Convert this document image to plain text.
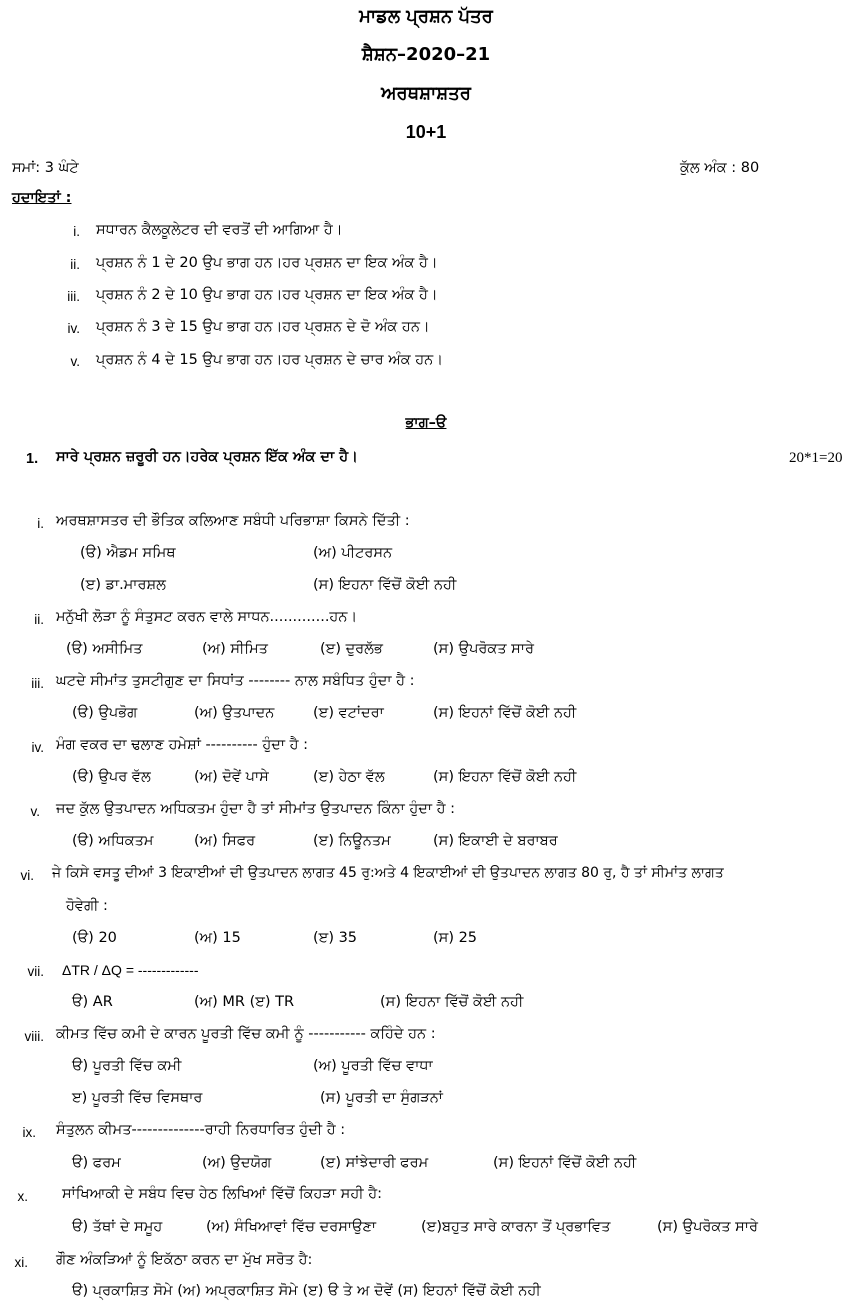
ਮਾਡਲ ਪ੍ਰਸ਼ਨ ਪੱਤਰ
ਸ਼ੈਸ਼ਨ–2020–21
ਅਰਥਸ਼ਾਸ਼ਤਰ
10+1
ਸਮਾਂ: 3 ਘੰਟੇ	ਕੁੱਲ ਅੰਕ : 80
ਹਦਾਇਤਾਂ :
i. ਸਧਾਰਨ ਕੈਲਕੂਲੇਟਰ ਦੀ ਵਰਤੋਂ ਦੀ ਆਗਿਆ ਹੈ।
ii. ਪ੍ਰਸ਼ਨ ਨੰ 1 ਦੇ 20 ਉਪ ਭਾਗ ਹਨ।ਹਰ ਪ੍ਰਸ਼ਨ ਦਾ ਇਕ ਅੰਕ ਹੈ।
iii. ਪ੍ਰਸ਼ਨ ਨੰ 2 ਦੇ 10 ਉਪ ਭਾਗ ਹਨ।ਹਰ ਪ੍ਰਸ਼ਨ ਦਾ ਇਕ ਅੰਕ ਹੈ।
iv. ਪ੍ਰਸ਼ਨ ਨੰ 3 ਦੇ 15 ਉਪ ਭਾਗ ਹਨ।ਹਰ ਪ੍ਰਸ਼ਨ ਦੇ ਦੋ ਅੰਕ ਹਨ।
v. ਪ੍ਰਸ਼ਨ ਨੰ 4 ਦੇ 15 ਉਪ ਭਾਗ ਹਨ।ਹਰ ਪ੍ਰਸ਼ਨ ਦੇ ਚਾਰ ਅੰਕ ਹਨ।
ਭਾਗ–ੳ
1. ਸਾਰੇ ਪ੍ਰਸ਼ਨ ਜ਼ਰੂਰੀ ਹਨ।ਹਰੇਕ ਪ੍ਰਸ਼ਨ ਇੱਕ ਅੰਕ ਦਾ ਹੈ।	20*1=20
i. ਅਰਥਸ਼ਾਸਤਰ ਦੀ ਭੌਤਿਕ ਕਲਿਆਣ ਸਬੰਧੀ ਪਰਿਭਾਸ਼ਾ ਕਿਸਨੇ ਦਿੱਤੀ :
(ੳ) ਐਡਮ ਸਮਿਥ	(ਅ) ਪੀਟਰਸਨ
(ੲ) ਡਾ.ਮਾਰਸ਼ਲ	(ਸ) ਇਹਨਾ ਵਿੱਚੋਂ ਕੋਈ ਨਹੀ
ii. ਮਨੁੱਖੀ ਲੋੜਾ ਨੂੰ ਸੰਤੁਸਟ ਕਰਨ ਵਾਲੇ ਸਾਧਨ.............ਹਨ।
(ੳ) ਅਸੀਮਿਤ	(ਅ) ਸੀਮਿਤ	(ੲ) ਦੁਰਲੱਭ	(ਸ) ਉਪਰੋਕਤ ਸਾਰੇ
iii. ਘਟਦੇ ਸੀਮਾਂਤ ਤੁਸਟੀਗੁਣ ਦਾ ਸਿਧਾਂਤ -------- ਨਾਲ ਸਬੰਧਿਤ ਹੁੰਦਾ ਹੈ :
(ੳ) ਉਪਭੋਗ	(ਅ) ਉਤਪਾਦਨ	(ੲ) ਵਟਾਂਦਰਾ	(ਸ) ਇਹਨਾਂ ਵਿੱਚੋਂ ਕੋਈ ਨਹੀ
iv. ਮੰਗ ਵਕਰ ਦਾ ਢਲਾਣ ਹਮੇਸ਼ਾਂ ---------- ਹੁੰਦਾ ਹੈ :
(ੳ) ਉਪਰ ਵੱਲ	(ਅ) ਦੋਵੇਂ ਪਾਸੇ	(ੲ) ਹੇਠਾ ਵੱਲ	(ਸ) ਇਹਨਾ ਵਿੱਚੋਂ ਕੋਈ ਨਹੀ
v. ਜਦ ਕੁੱਲ ਉਤਪਾਦਨ ਅਧਿਕਤਮ ਹੁੰਦਾ ਹੈ ਤਾਂ ਸੀਮਾਂਤ ਉਤਪਾਦਨ ਕਿੰਨਾ ਹੁੰਦਾ ਹੈ :
(ੳ) ਅਧਿਕਤਮ	(ਅ) ਸਿਫਰ	(ੲ) ਨਿਊਨਤਮ	(ਸ) ਇਕਾਈ ਦੇ ਬਰਾਬਰ
vi. ਜੇ ਕਿਸੇ ਵਸਤੂ ਦੀਆਂ 3 ਇਕਾਈਆਂ ਦੀ ਉਤਪਾਦਨ ਲਾਗਤ 45 ਰੁ:ਅਤੇ 4 ਇਕਾਈਆਂ ਦੀ ਉਤਪਾਦਨ ਲਾਗਤ 80 ਰੁ, ਹੈ ਤਾਂ ਸੀਮਾਂਤ ਲਾਗਤ
ਹੋਵੇਗੀ :
(ੳ) 20	(ਅ) 15	(ੲ) 35	(ਸ) 25
vii. ΔTR / ΔQ = -------------
ੳ) AR	(ਅ) MR (ੲ) TR	(ਸ) ਇਹਨਾ ਵਿੱਚੋਂ ਕੋਈ ਨਹੀ
viii. ਕੀਮਤ ਵਿੱਚ ਕਮੀ ਦੇ ਕਾਰਨ ਪੂਰਤੀ ਵਿੱਚ ਕਮੀ ਨੂੰ ----------- ਕਹਿੰਦੇ ਹਨ :
ੳ) ਪੂਰਤੀ ਵਿੱਚ ਕਮੀ	(ਅ) ਪੂਰਤੀ ਵਿੱਚ ਵਾਧਾ
ੲ) ਪੂਰਤੀ ਵਿੱਚ ਵਿਸਥਾਰ	(ਸ) ਪੂਰਤੀ ਦਾ ਸੁੰਗੜਨਾਂ
ix. ਸੰਤੁਲਨ ਕੀਮਤ--------------ਰਾਹੀ ਨਿਰਧਾਰਿਤ ਹੁੰਦੀ ਹੈ :
ੳ) ਫਰਮ	(ਅ) ਉਦਯੋਗ	(ੲ) ਸਾਂਝੇਦਾਰੀ ਫਰਮ	(ਸ) ਇਹਨਾਂ ਵਿੱਚੋਂ ਕੋਈ ਨਹੀ
x. ਸਾਂਖਿਆਕੀ ਦੇ ਸਬੰਧ ਵਿਚ ਹੇਠ ਲਿਖਿਆਂ ਵਿੱਚੋਂ ਕਿਹੜਾ ਸਹੀ ਹੈ:
ੳ) ਤੱਥਾਂ ਦੇ ਸਮੂਹ	(ਅ) ਸੰਖਿਆਵਾਂ ਵਿੱਚ ਦਰਸਾਉਣਾ	(ੲ)ਬਹੁਤ ਸਾਰੇ ਕਾਰਨਾ ਤੋਂ ਪ੍ਰਭਾਵਿਤ	(ਸ) ਉਪਰੋਕਤ ਸਾਰੇ
xi. ਗੌਣ ਅੰਕੜਿਆਂ ਨੂੰ ਇਕੱਠਾ ਕਰਨ ਦਾ ਮੁੱਖ ਸਰੋਤ ਹੈ:
ੳ) ਪ੍ਰਕਾਸ਼ਿਤ ਸੋਮੇ (ਅ) ਅਪ੍ਰਕਾਸ਼ਿਤ ਸੋਮੇ (ੲ) ੳ ਤੇ ਅ ਦੋਵੇਂ (ਸ) ਇਹਨਾਂ ਵਿੱਚੋਂ ਕੋਈ ਨਹੀ
